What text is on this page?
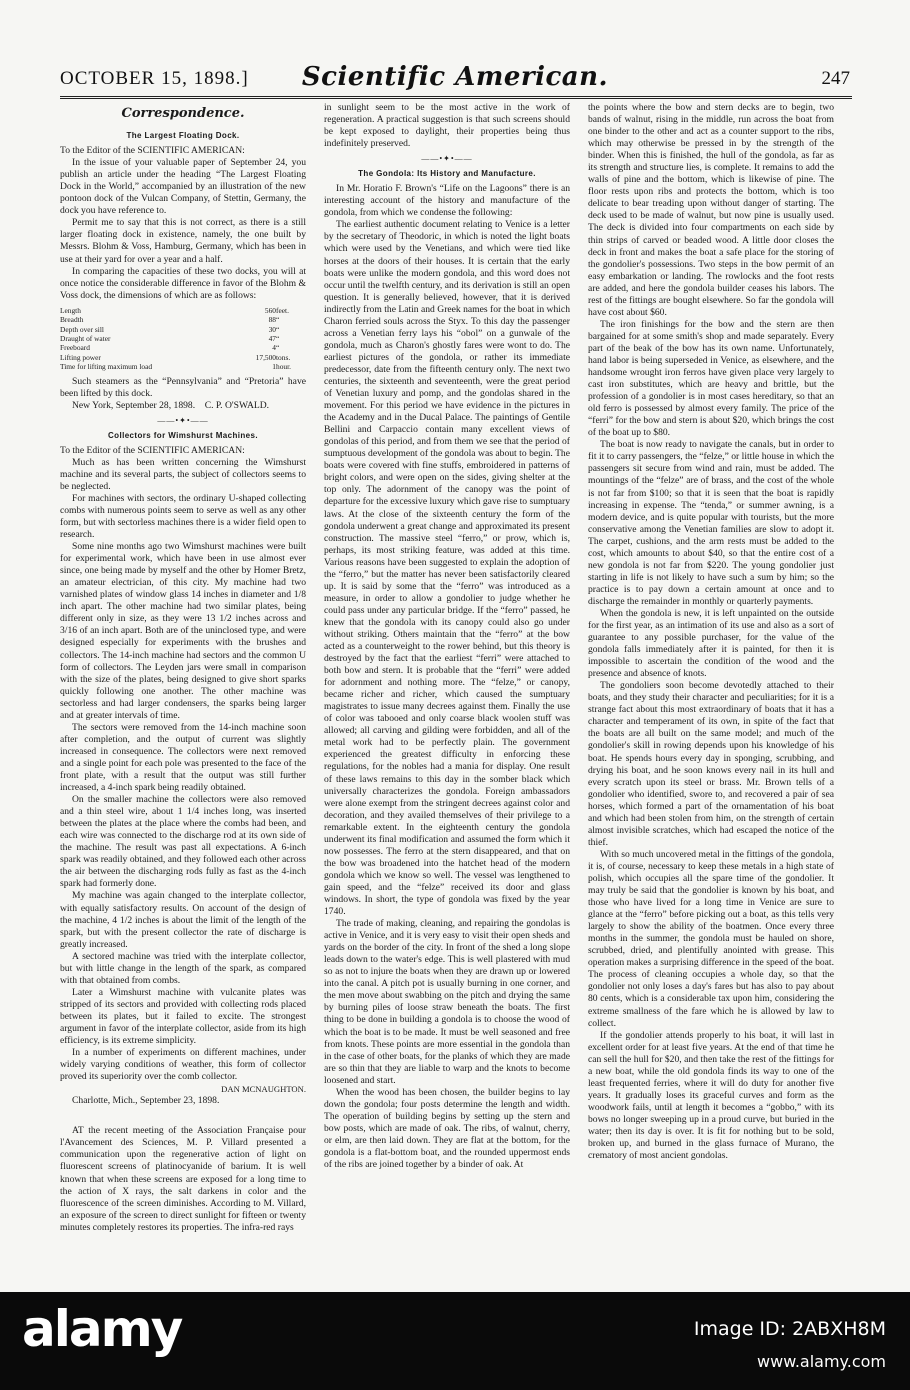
OCTOBER 15, 1898.]	Scientific American.	247
Correspondence.
The Largest Floating Dock.

To the Editor of the SCIENTIFIC AMERICAN:

In the issue of your valuable paper of September 24, you publish an article under the heading “The Largest Floating Dock in the World,” accompanied by an illustration of the new pontoon dock of the Vulcan Company, of Stettin, Germany, the dock you have reference to.

Permit me to say that this is not correct, as there is a still larger floating dock in existence, namely, the one built by Messrs. Blohm & Voss, Hamburg, Germany, which has been in use at their yard for over a year and a half.

In comparing the capacities of these two docks, you will at once notice the considerable difference in favor of the Blohm & Voss dock, the dimensions of which are as follows:

Length	560	feet.
Breadth	88	“
Depth over sill	30	“
Draught of water	47	“
Freeboard	4	“
Lifting power	17,500	tons.
Time for lifting maximum load	1	hour.

Such steamers as the “Pennsylvania” and “Pretoria” have been lifted by this dock.

New York, September 28, 1898. C. P. O'SWALD.

——•✦•——
Collectors for Wimshurst Machines.

To the Editor of the SCIENTIFIC AMERICAN:

Much as has been written concerning the Wimshurst machine and its several parts, the subject of collectors seems to be neglected.

For machines with sectors, the ordinary U-shaped collecting combs with numerous points seem to serve as well as any other form, but with sectorless machines there is a wider field open to research.

Some nine months ago two Wimshurst machines were built for experimental work, which have been in use almost ever since, one being made by myself and the other by Homer Bretz, an amateur electrician, of this city. My machine had two varnished plates of window glass 14 inches in diameter and 1/8 inch apart. The other machine had two similar plates, being different only in size, as they were 13 1/2 inches across and 3/16 of an inch apart. Both are of the uninclosed type, and were designed especially for experiments with the brushes and collectors. The 14-inch machine had sectors and the common U form of collectors. The Leyden jars were small in comparison with the size of the plates, being designed to give short sparks quickly following one another. The other machine was sectorless and had larger condensers, the sparks being larger and at greater intervals of time.

The sectors were removed from the 14-inch machine soon after completion, and the output of current was slightly increased in consequence. The collectors were next removed and a single point for each pole was presented to the face of the front plate, with a result that the output was still further increased, a 4-inch spark being readily obtained.

On the smaller machine the collectors were also removed and a thin steel wire, about 1 1/4 inches long, was inserted between the plates at the place where the combs had been, and each wire was connected to the discharge rod at its own side of the machine. The result was past all expectations. A 6-inch spark was readily obtained, and they followed each other across the air between the discharging rods fully as fast as the 4-inch spark had formerly done.

My machine was again changed to the interplate collector, with equally satisfactory results. On account of the design of the machine, 4 1/2 inches is about the limit of the length of the spark, but with the present collector the rate of discharge is greatly increased.

A sectored machine was tried with the interplate collector, but with little change in the length of the spark, as compared with that obtained from combs.

Later a Wimshurst machine with vulcanite plates was stripped of its sectors and provided with collecting rods placed between its plates, but it failed to excite. The strongest argument in favor of the interplate collector, aside from its high efficiency, is its extreme simplicity.

In a number of experiments on different machines, under widely varying conditions of weather, this form of collector proved its superiority over the comb collector.

DAN MCNAUGHTON.

Charlotte, Mich., September 23, 1898.

AT the recent meeting of the Association Française pour l'Avancement des Sciences, M. P. Villard presented a communication upon the regenerative action of light on fluorescent screens of platinocyanide of barium. It is well known that when these screens are exposed for a long time to the action of X rays, the salt darkens in color and the fluorescence of the screen diminishes. According to M. Villard, an exposure of the screen to direct sunlight for fifteen or twenty minutes completely restores its properties. The infra-red rays

in sunlight seem to be the most active in the work of regeneration. A practical suggestion is that such screens should be kept exposed to daylight, their properties being thus indefinitely preserved.

——•✦•——
The Gondola: Its History and Manufacture.

In Mr. Horatio F. Brown's “Life on the Lagoons” there is an interesting account of the history and manufacture of the gondola, from which we condense the following:

The earliest authentic document relating to Venice is a letter by the secretary of Theodoric, in which is noted the light boats which were used by the Venetians, and which were tied like horses at the doors of their houses. It is certain that the early boats were unlike the modern gondola, and this word does not occur until the twelfth century, and its derivation is still an open question. It is generally believed, however, that it is derived indirectly from the Latin and Greek names for the boat in which Charon ferried souls across the Styx. To this day the passenger across a Venetian ferry lays his “obol” on a gunwale of the gondola, much as Charon's ghostly fares were wont to do. The earliest pictures of the gondola, or rather its immediate predecessor, date from the fifteenth century only. The next two centuries, the sixteenth and seventeenth, were the great period of Venetian luxury and pomp, and the gondolas shared in the movement. For this period we have evidence in the pictures in the Academy and in the Ducal Palace. The paintings of Gentile Bellini and Carpaccio contain many excellent views of gondolas of this period, and from them we see that the period of sumptuous development of the gondola was about to begin. The boats were covered with fine stuffs, embroidered in patterns of bright colors, and were open on the sides, giving shelter at the top only. The adornment of the canopy was the point of departure for the excessive luxury which gave rise to sumptuary laws. At the close of the sixteenth century the form of the gondola underwent a great change and approximated its present construction. The massive steel “ferro,” or prow, which is, perhaps, its most striking feature, was added at this time. Various reasons have been suggested to explain the adoption of the “ferro,” but the matter has never been satisfactorily cleared up. It is said by some that the “ferro” was introduced as a measure, in order to allow a gondolier to judge whether he could pass under any particular bridge. If the “ferro” passed, he knew that the gondola with its canopy could also go under without striking. Others maintain that the “ferro” at the bow acted as a counterweight to the rower behind, but this theory is destroyed by the fact that the earliest “ferri” were attached to both bow and stern. It is probable that the “ferri” were added for adornment and nothing more. The “felze,” or canopy, became richer and richer, which caused the sumptuary magistrates to issue many decrees against them. Finally the use of color was tabooed and only coarse black woolen stuff was allowed; all carving and gilding were forbidden, and all of the metal work had to be perfectly plain. The government experienced the greatest difficulty in enforcing these regulations, for the nobles had a mania for display. One result of these laws remains to this day in the somber black which universally characterizes the gondola. Foreign ambassadors were alone exempt from the stringent decrees against color and decoration, and they availed themselves of their privilege to a remarkable extent. In the eighteenth century the gondola underwent its final modification and assumed the form which it now possesses. The ferro at the stern disappeared, and that on the bow was broadened into the hatchet head of the modern gondola which we know so well. The vessel was lengthened to gain speed, and the “felze” received its door and glass windows. In short, the type of gondola was fixed by the year 1740.

The trade of making, cleaning, and repairing the gondolas is active in Venice, and it is very easy to visit their open sheds and yards on the border of the city. In front of the shed a long slope leads down to the water's edge. This is well plastered with mud so as not to injure the boats when they are drawn up or lowered into the canal. A pitch pot is usually burning in one corner, and the men move about swabbing on the pitch and drying the same by burning piles of loose straw beneath the boats. The first thing to be done in building a gondola is to choose the wood of which the boat is to be made. It must be well seasoned and free from knots. These points are more essential in the gondola than in the case of other boats, for the planks of which they are made are so thin that they are liable to warp and the knots to become loosened and start.

When the wood has been chosen, the builder begins to lay down the gondola; four posts determine the length and width. The operation of building begins by setting up the stern and bow posts, which are made of oak. The ribs, of walnut, cherry, or elm, are then laid down. They are flat at the bottom, for the gondola is a flat-bottom boat, and the rounded uppermost ends of the ribs are joined together by a binder of oak. At

the points where the bow and stern decks are to begin, two bands of walnut, rising in the middle, run across the boat from one binder to the other and act as a counter support to the ribs, which may otherwise be pressed in by the strength of the binder. When this is finished, the hull of the gondola, as far as its strength and structure lies, is complete. It remains to add the walls of pine and the bottom, which is likewise of pine. The floor rests upon ribs and protects the bottom, which is too delicate to bear treading upon without danger of starting. The deck used to be made of walnut, but now pine is usually used. The deck is divided into four compartments on each side by thin strips of carved or beaded wood. A little door closes the deck in front and makes the boat a safe place for the storing of the gondolier's possessions. Two steps in the bow permit of an easy embarkation or landing. The rowlocks and the foot rests are added, and here the gondola builder ceases his labors. The rest of the fittings are bought elsewhere. So far the gondola will have cost about $60.

The iron finishings for the bow and the stern are then bargained for at some smith's shop and made separately. Every part of the beak of the bow has its own name. Unfortunately, hand labor is being superseded in Venice, as elsewhere, and the handsome wrought iron ferros have given place very largely to cast iron substitutes, which are heavy and brittle, but the profession of a gondolier is in most cases hereditary, so that an old ferro is possessed by almost every family. The price of the “ferri” for the bow and stern is about $20, which brings the cost of the boat up to $80.

The boat is now ready to navigate the canals, but in order to fit it to carry passengers, the “felze,” or little house in which the passengers sit secure from wind and rain, must be added. The mountings of the “felze” are of brass, and the cost of the whole is not far from $100; so that it is seen that the boat is rapidly increasing in expense. The “tenda,” or summer awning, is a modern device, and is quite popular with tourists, but the more conservative among the Venetian families are slow to adopt it. The carpet, cushions, and the arm rests must be added to the cost, which amounts to about $40, so that the entire cost of a new gondola is not far from $220. The young gondolier just starting in life is not likely to have such a sum by him; so the practice is to pay down a certain amount at once and to discharge the remainder in monthly or quarterly payments.

When the gondola is new, it is left unpainted on the outside for the first year, as an intimation of its use and also as a sort of guarantee to any possible purchaser, for the value of the gondola falls immediately after it is painted, for then it is impossible to ascertain the condition of the wood and the presence and absence of knots.

The gondoliers soon become devotedly attached to their boats, and they study their character and peculiarities; for it is a strange fact about this most extraordinary of boats that it has a character and temperament of its own, in spite of the fact that the boats are all built on the same model; and much of the gondolier's skill in rowing depends upon his knowledge of his boat. He spends hours every day in sponging, scrubbing, and drying his boat, and he soon knows every nail in its hull and every scratch upon its steel or brass. Mr. Brown tells of a gondolier who identified, swore to, and recovered a pair of sea horses, which formed a part of the ornamentation of his boat and which had been stolen from him, on the strength of certain almost invisible scratches, which had escaped the notice of the thief.

With so much uncovered metal in the fittings of the gondola, it is, of course, necessary to keep these metals in a high state of polish, which occupies all the spare time of the gondolier. It may truly be said that the gondolier is known by his boat, and those who have lived for a long time in Venice are sure to glance at the “ferro” before picking out a boat, as this tells very largely to show the ability of the boatmen. Once every three months in the summer, the gondola must be hauled on shore, scrubbed, dried, and plentifully anointed with grease. This operation makes a surprising difference in the speed of the boat. The process of cleaning occupies a whole day, so that the gondolier not only loses a day's fares but has also to pay about 80 cents, which is a considerable tax upon him, considering the extreme smallness of the fare which he is allowed by law to collect.

If the gondolier attends properly to his boat, it will last in excellent order for at least five years. At the end of that time he can sell the hull for $20, and then take the rest of the fittings for a new boat, while the old gondola finds its way to one of the least frequented ferries, where it will do duty for another five years. It gradually loses its graceful curves and form as the woodwork fails, until at length it becomes a “gobbo,” with its bows no longer sweeping up in a proud curve, but buried in the water; then its day is over. It is fit for nothing but to be sold, broken up, and burned in the glass furnace of Murano, the crematory of most ancient gondolas.

alamy	Image ID: 2ABXH8M
www.alamy.com
